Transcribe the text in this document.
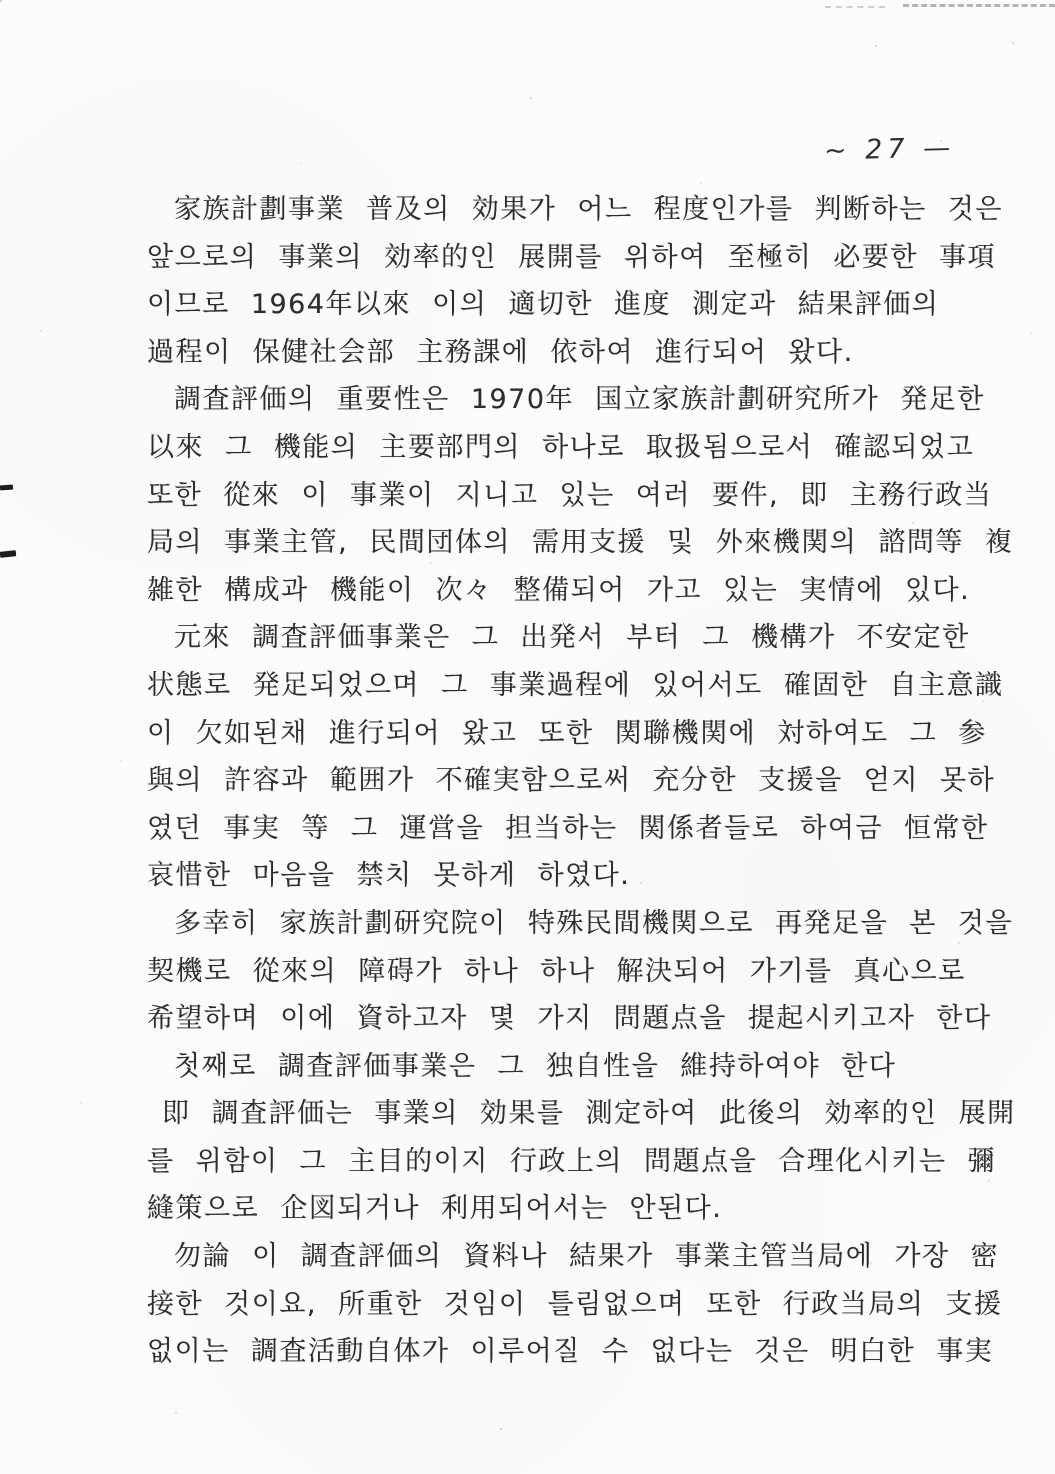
~ 27 —
家族計劃事業 普及의 効果가 어느 程度인가를 判断하는 것은
앞으로의 事業의 効率的인 展開를 위하여 至極히 必要한 事項
이므로 1964年以來 이의 適切한 進度 測定과 結果評価의
過程이 保健社会部 主務課에 依하여 進行되어 왔다.
調査評価의 重要性은 1970年 国立家族計劃研究所가 発足한
以來 그 機能의 主要部門의 하나로 取扱됨으로서 確認되었고
또한 從來 이 事業이 지니고 있는 여러 要件, 即 主務行政当
局의 事業主管, 民間団体의 需用支援 및 外來機関의 諮問等 複
雑한 構成과 機能이 次々 整備되어 가고 있는 実情에 있다.
元來 調査評価事業은 그 出発서 부터 그 機構가 不安定한
状態로 発足되었으며 그 事業過程에 있어서도 確固한 自主意識
이 欠如된채 進行되어 왔고 또한 関聯機関에 対하여도 그 参
與의 許容과 範囲가 不確実함으로써 充分한 支援을 얻지 못하
였던 事実 等 그 運営을 担当하는 関係者들로 하여금 恒常한
哀惜한 마음을 禁치 못하게 하였다.
多幸히 家族計劃研究院이 特殊民間機関으로 再発足을 본 것을
契機로 從來의 障碍가 하나 하나 解決되어 가기를 真心으로
希望하며 이에 資하고자 몇 가지 問題点을 提起시키고자 한다
첫째로 調査評価事業은 그 独自性을 維持하여야 한다
即 調査評価는 事業의 効果를 測定하여 此後의 効率的인 展開
를 위함이 그 主目的이지 行政上의 問題点을 合理化시키는 彌
縫策으로 企図되거나 利用되어서는 안된다.
勿論 이 調査評価의 資料나 結果가 事業主管当局에 가장 密
接한 것이요, 所重한 것임이 틀림없으며 또한 行政当局의 支援
없이는 調査活動自体가 이루어질 수 없다는 것은 明白한 事実
